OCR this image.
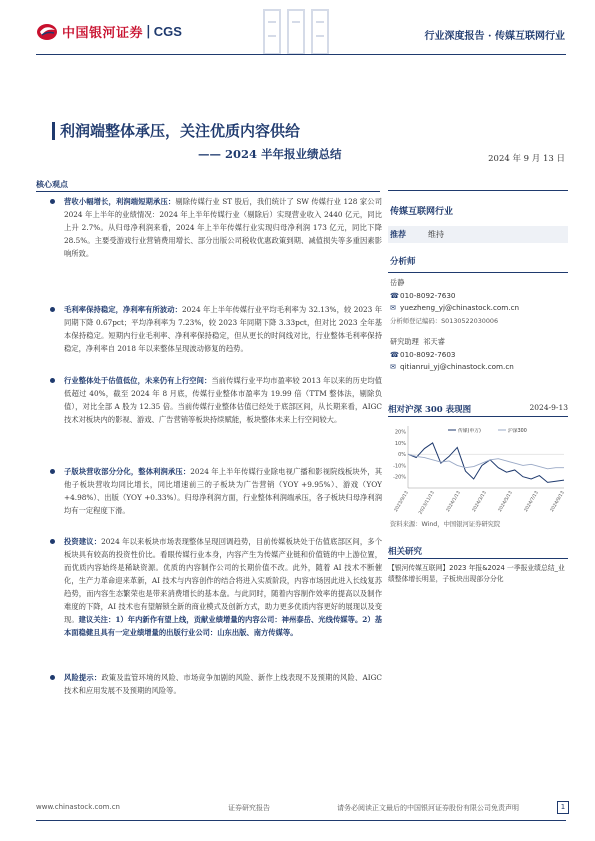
中国银河证券 | CGS	行业深度报告 · 传媒互联网行业
利润端整体承压，关注优质内容供给
—— 2024 半年报业绩总结	2024 年 9 月 13 日
核心观点
营收小幅增长，利润端短期承压：剔除传媒行业 ST 股后，我们统计了 SW 传媒行业 128 家公司 2024 年上半年的业绩情况：2024 年上半年传媒行业（剔除后）实现营业收入 2440 亿元，同比上升 2.7%。从归母净利润来看，2024 年上半年传媒行业实现归母净利润 173 亿元，同比下降 28.5%。主要受游戏行业营销费用增长、部分出版公司税收优惠政策到期、减值损失等多重因素影响所致。
毛利率保持稳定，净利率有所波动：2024 年上半年传媒行业平均毛利率为 32.13%，较 2023 年同期下降 0.67pct；平均净利率为 7.23%，较 2023 年同期下降 3.33pct，但对比 2023 全年基本保持稳定。短期内行业毛利率、净利率保持稳定，但从更长的时间线对比，行业整体毛利率保持稳定，净利率自 2018 年以来整体呈现波动修复的趋势。
行业整体处于估值低位，未来仍有上行空间：当前传媒行业平均市盈率较 2013 年以来的历史均值低超过 40%，截至 2024 年 8 月底，传媒行业整体市盈率为 19.99 倍（TTM 整体法，剔除负值），对比全部 A 股为 12.35 倍。当前传媒行业整体估值已经处于底部区间，从长期来看，AIGC 技术对板块内的影视、游戏、广告营销等板块持续赋能，板块整体未来上行空间较大。
子版块营收部分分化，整体利润承压：2024 年上半年传媒行业除电视广播和影视院线板块外，其他子板块营收均同比增长，同比增速前三的子板块为广告营销（YOY +9.95%）、游戏（YOY +4.98%）、出版（YOY +0.33%）。归母净利润方面，行业整体利润端承压，各子板块归母净利润均有一定程度下滑。
投资建议：2024 年以来板块市场表现整体呈现回调趋势，目前传媒板块处于估值底部区间，多个板块具有较高的投资性价比。看眼传媒行业本身，内容产生为传媒产业链和价值链的中上游位置，而优质内容始终是稀缺资源。优质的内容制作公司的长期价值不改。此外，随着 AI 技术不断催化，生产力革命迎来革新，AI 技术与内容创作的结合将进入实质阶段，内容市场因此进入长线复苏趋势，而内容生态繁荣也是带来消费增长的基本盘。与此同时，随着内容制作效率的提高以及制作难度的下降，AI 技术也有望解锁全新的商业模式及创新方式，助力更多优质内容更好的展现以及变现。建议关注：1）年内新作有望上线，贡献业绩增量的内容公司：神州泰岳、光线传媒等。2）基本面稳健且具有一定业绩增量的出版行业公司：山东出版、南方传媒等。
风险提示：政策及监管环境的风险、市场竞争加剧的风险、新作上线表现不及预期的风险、AIGC 技术和应用发展不及预期的风险等。
传媒互联网行业
推荐	维持
分析师
岳静
☎010-8092-7630
✉ yuezheng_yj@chinastock.com.cn
分析师登记编码：S0130522030006
研究助理 祁天睿
☎010-8092-7603
✉ qitianrui_yj@chinastock.com.cn
相对沪深 300 表现图	2024-9-13
20%
10%
0%
-10%
-20%
2023/9/13 2023/11/13 2024/1/13 2024/3/13 2024/5/13 2024/7/13 2024/9/13
传媒(申万)	沪深300
资料来源：Wind，中国银河证券研究院
相关研究
【银河传媒互联网】2023 年报&2024 一季报业绩总结_业绩整体增长明显，子板块出现部分分化
www.chinastock.com.cn	证券研究报告	请务必阅读正文最后的中国银河证券股份有限公司免责声明	1
